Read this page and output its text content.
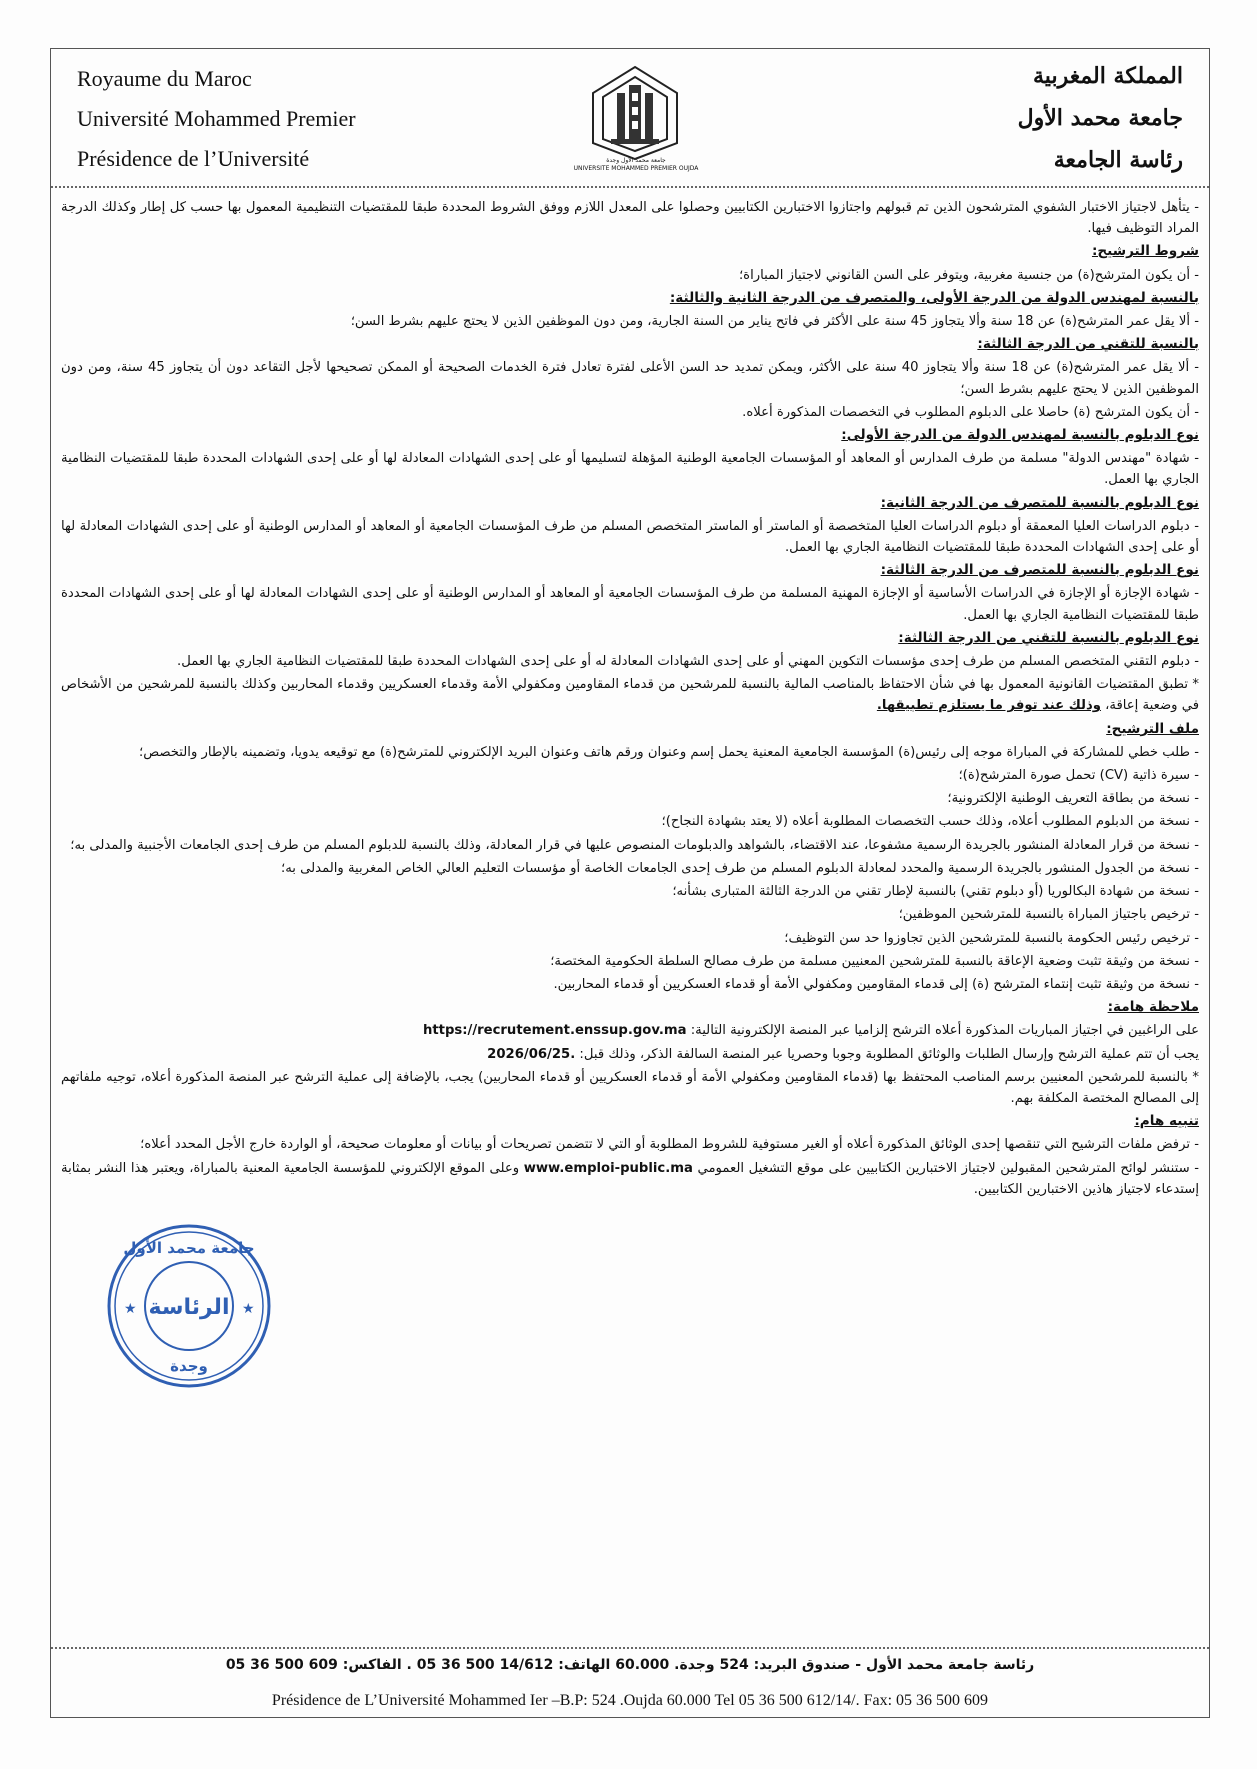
Royaume du Maroc
Université Mohammed Premier
Présidence de l’Université	جامعة محمد الأول وجدة
UNIVERSITE MOHAMMED PREMIER OUJDA
المملكة المغربية
جامعة محمد الأول
رئاسة الجامعة

- يتأهل لاجتياز الاختبار الشفوي المترشحون الذين تم قبولهم واجتازوا الاختبارين الكتابيين وحصلوا على المعدل اللازم ووفق الشروط المحددة طبقا للمقتضيات التنظيمية المعمول بها حسب كل إطار وكذلك الدرجة المراد التوظيف فيها.

شروط الترشيح:

- أن يكون المترشح(ة) من جنسية مغربية، ويتوفر على السن القانوني لاجتياز المباراة؛

بالنسبة لمهندس الدولة من الدرجة الأولى، والمتصرف من الدرجة الثانية والثالثة:

- ألا يقل عمر المترشح(ة) عن 18 سنة وألا يتجاوز 45 سنة على الأكثر في فاتح يناير من السنة الجارية، ومن دون الموظفين الذين لا يحتج عليهم بشرط السن؛

بالنسبة للتقني من الدرجة الثالثة:

- ألا يقل عمر المترشح(ة) عن 18 سنة وألا يتجاوز 40 سنة على الأكثر، ويمكن تمديد حد السن الأعلى لفترة تعادل فترة الخدمات الصحيحة أو الممكن تصحيحها لأجل التقاعد دون أن يتجاوز 45 سنة، ومن دون الموظفين الذين لا يحتج عليهم بشرط السن؛

- أن يكون المترشح (ة) حاصلا على الدبلوم المطلوب في التخصصات المذكورة أعلاه.

نوع الدبلوم بالنسبة لمهندس الدولة من الدرجة الأولى:

- شهادة "مهندس الدولة" مسلمة من طرف المدارس أو المعاهد أو المؤسسات الجامعية الوطنية المؤهلة لتسليمها أو على إحدى الشهادات المعادلة لها أو على إحدى الشهادات المحددة طبقا للمقتضيات النظامية الجاري بها العمل.

نوع الدبلوم بالنسبة للمتصرف من الدرجة الثانية:

- دبلوم الدراسات العليا المعمقة أو دبلوم الدراسات العليا المتخصصة أو الماستر أو الماستر المتخصص المسلم من طرف المؤسسات الجامعية أو المعاهد أو المدارس الوطنية أو على إحدى الشهادات المعادلة لها أو على إحدى الشهادات المحددة طبقا للمقتضيات النظامية الجاري بها العمل.

نوع الدبلوم بالنسبة للمتصرف من الدرجة الثالثة:

- شهادة الإجازة أو الإجازة في الدراسات الأساسية أو الإجازة المهنية المسلمة من طرف المؤسسات الجامعية أو المعاهد أو المدارس الوطنية أو على إحدى الشهادات المعادلة لها أو على إحدى الشهادات المحددة طبقا للمقتضيات النظامية الجاري بها العمل.

نوع الدبلوم بالنسبة للتقني من الدرجة الثالثة:

- دبلوم التقني المتخصص المسلم من طرف إحدى مؤسسات التكوين المهني أو على إحدى الشهادات المعادلة له أو على إحدى الشهادات المحددة طبقا للمقتضيات النظامية الجاري بها العمل.

* تطبق المقتضيات القانونية المعمول بها في شأن الاحتفاظ بالمناصب المالية بالنسبة للمرشحين من قدماء المقاومين ومكفولي الأمة وقدماء العسكريين وقدماء المحاربين وكذلك بالنسبة للمرشحين من الأشخاص في وضعية إعاقة، وذلك عند توفر ما يستلزم تطبيقها.

ملف الترشيح:

- طلب خطي للمشاركة في المباراة موجه إلى رئيس(ة) المؤسسة الجامعية المعنية يحمل إسم وعنوان ورقم هاتف وعنوان البريد الإلكتروني للمترشح(ة) مع توقيعه يدويا، وتضمينه بالإطار والتخصص؛

- سيرة ذاتية (CV) تحمل صورة المترشح(ة)؛

- نسخة من بطاقة التعريف الوطنية الإلكترونية؛

- نسخة من الدبلوم المطلوب أعلاه، وذلك حسب التخصصات المطلوبة أعلاه (لا يعتد بشهادة النجاح)؛

- نسخة من قرار المعادلة المنشور بالجريدة الرسمية مشفوعا، عند الاقتضاء، بالشواهد والدبلومات المنصوص عليها في قرار المعادلة، وذلك بالنسبة للدبلوم المسلم من طرف إحدى الجامعات الأجنبية والمدلى به؛

- نسخة من الجدول المنشور بالجريدة الرسمية والمحدد لمعادلة الدبلوم المسلم من طرف إحدى الجامعات الخاصة أو مؤسسات التعليم العالي الخاص المغربية والمدلى به؛

- نسخة من شهادة البكالوريا (أو دبلوم تقني) بالنسبة لإطار تقني من الدرجة الثالثة المتبارى بشأنه؛

- ترخيص باجتياز المباراة بالنسبة للمترشحين الموظفين؛

- ترخيص رئيس الحكومة بالنسبة للمترشحين الذين تجاوزوا حد سن التوظيف؛

- نسخة من وثيقة تثبت وضعية الإعاقة بالنسبة للمترشحين المعنيين مسلمة من طرف مصالح السلطة الحكومية المختصة؛

- نسخة من وثيقة تثبت إنتماء المترشح (ة) إلى قدماء المقاومين ومكفولي الأمة أو قدماء العسكريين أو قدماء المحاربين.

ملاحظة هامة:

على الراغبين في اجتياز المباريات المذكورة أعلاه الترشح إلزاميا عبر المنصة الإلكترونية التالية: https://recrutement.enssup.gov.ma

يجب أن تتم عملية الترشح وإرسال الطلبات والوثائق المطلوبة وجوبا وحصريا عبر المنصة السالفة الذكر، وذلك قبل: 2026/06/25.

* بالنسبة للمرشحين المعنيين برسم المناصب المحتفظ بها (قدماء المقاومين ومكفولي الأمة أو قدماء العسكريين أو قدماء المحاربين) يجب، بالإضافة إلى عملية الترشح عبر المنصة المذكورة أعلاه، توجيه ملفاتهم إلى المصالح المختصة المكلفة بهم.

تنبيه هام:

- ترفض ملفات الترشيح التي تنقصها إحدى الوثائق المذكورة أعلاه أو الغير مستوفية للشروط المطلوبة أو التي لا تتضمن تصريحات أو بيانات أو معلومات صحيحة، أو الواردة خارج الأجل المحدد أعلاه؛

- ستنشر لوائح المترشحين المقبولين لاجتياز الاختبارين الكتابيين على موقع التشغيل العمومي www.emploi-public.ma وعلى الموقع الإلكتروني للمؤسسة الجامعية المعنية بالمباراة، ويعتبر هذا النشر بمثابة إستدعاء لاجتياز هاذين الاختبارين الكتابيين.

الرئاسة
جامعة محمد الأول
وجدة
★	★
رئاسة جامعة محمد الأول - صندوق البريد: 524 وجدة. 60.000 الهاتف: 14/612 500 36 05 . الفاكس: 609 500 36 05
Présidence de L’Université Mohammed Ier –B.P: 524 .Oujda 60.000 Tel 05 36 500 612/14/. Fax: 05 36 500 609
